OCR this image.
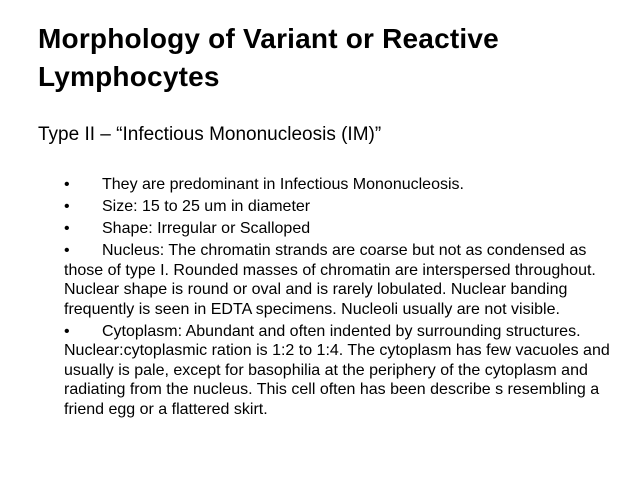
Morphology of Variant or Reactive Lymphocytes
Type II – “Infectious Mononucleosis (IM)”
• They are predominant in Infectious Mononucleosis.
• Size: 15 to 25 um in diameter
• Shape: Irregular or Scalloped
• Nucleus: The chromatin strands are coarse but not as condensed as those of type I. Rounded masses of chromatin are interspersed throughout. Nuclear shape is round or oval and is rarely lobulated. Nuclear banding frequently is seen in EDTA specimens. Nucleoli usually are not visible.
• Cytoplasm: Abundant and often indented by surrounding structures. Nuclear:cytoplasmic ration is 1:2 to 1:4. The cytoplasm has few vacuoles and usually is pale, except for basophilia at the periphery of the cytoplasm and radiating from the nucleus. This cell often has been describe s resembling a friend egg or a flattered skirt.
